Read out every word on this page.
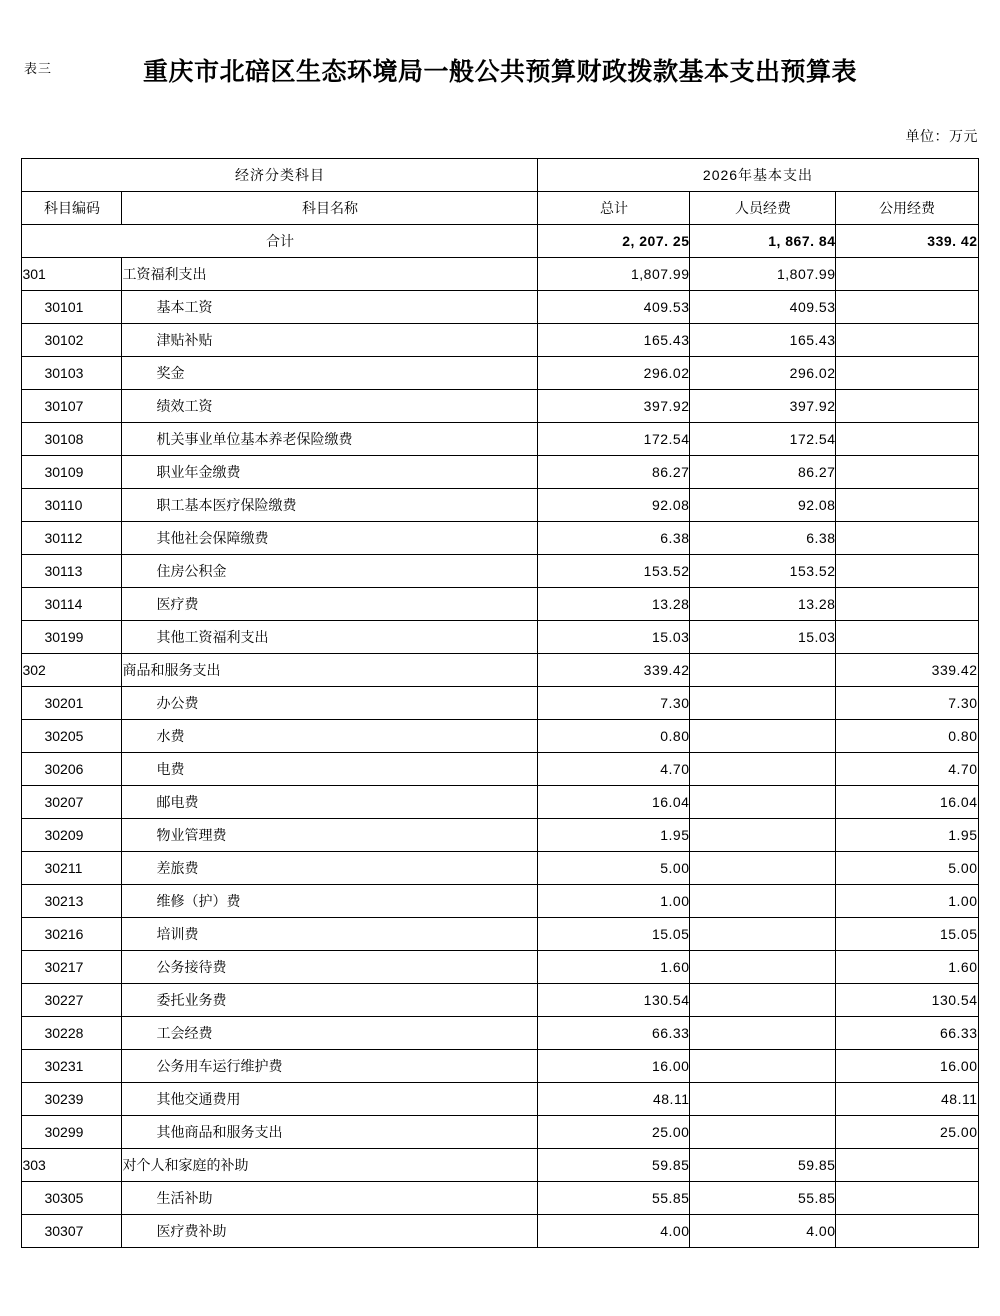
表三	重庆市北碚区生态环境局一般公共预算财政拨款基本支出预算表
单位：万元
经济分类科目		2026年基本支出		
科目编码	科目名称	总计	人员经费	公用经费
合计		2, 207. 25	1, 867. 84	339. 42
301	工资福利支出	1,807.99	1,807.99	
30101	基本工资	409.53	409.53	
30102	津贴补贴	165.43	165.43	
30103	奖金	296.02	296.02	
30107	绩效工资	397.92	397.92	
30108	机关事业单位基本养老保险缴费	172.54	172.54	
30109	职业年金缴费	86.27	86.27	
30110	职工基本医疗保险缴费	92.08	92.08	
30112	其他社会保障缴费	6.38	6.38	
30113	住房公积金	153.52	153.52	
30114	医疗费	13.28	13.28	
30199	其他工资福利支出	15.03	15.03	
302	商品和服务支出	339.42		339.42
30201	办公费	7.30		7.30
30205	水费	0.80		0.80
30206	电费	4.70		4.70
30207	邮电费	16.04		16.04
30209	物业管理费	1.95		1.95
30211	差旅费	5.00		5.00
30213	维修（护）费	1.00		1.00
30216	培训费	15.05		15.05
30217	公务接待费	1.60		1.60
30227	委托业务费	130.54		130.54
30228	工会经费	66.33		66.33
30231	公务用车运行维护费	16.00		16.00
30239	其他交通费用	48.11		48.11
30299	其他商品和服务支出	25.00		25.00
303	对个人和家庭的补助	59.85	59.85	
30305	生活补助	55.85	55.85	
30307	医疗费补助	4.00	4.00	
